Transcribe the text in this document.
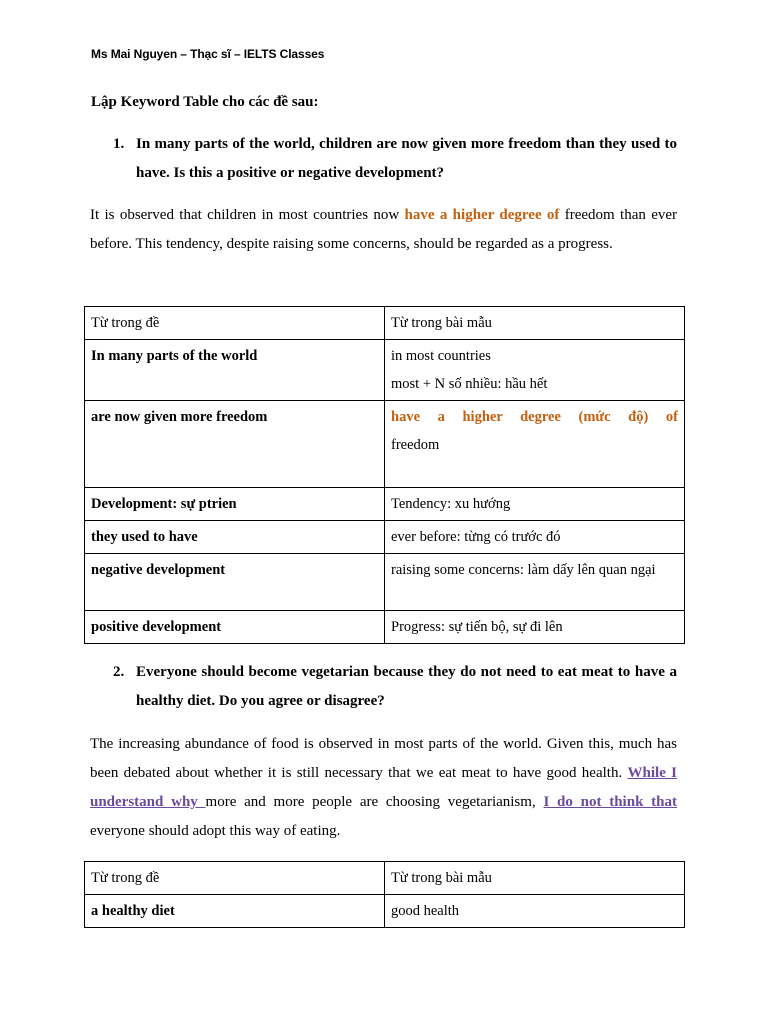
Ms Mai Nguyen – Thạc sĩ – IELTS Classes
Lập Keyword Table cho các đề sau:
1. In many parts of the world, children are now given more freedom than they used to have. Is this a positive or negative development?
It is observed that children in most countries now have a higher degree of freedom than ever before. This tendency, despite raising some concerns, should be regarded as a progress.
Từ trong đề	Từ trong bài mẫu
In many parts of the world	in most countries
most + N số nhiều: hầu hết

are now given more freedom	have a higher degree (mức độ) of
freedom
Development: sự ptrien	Tendency: xu hướng
they used to have	ever before: từng có trước đó
negative development	raising some concerns: làm dấy lên quan ngại
positive development	Progress: sự tiến bộ, sự đi lên
2. Everyone should become vegetarian because they do not need to eat meat to have a healthy diet. Do you agree or disagree?
The increasing abundance of food is observed in most parts of the world. Given this, much has been debated about whether it is still necessary that we eat meat to have good health. While I understand why more and more people are choosing vegetarianism, I do not think that everyone should adopt this way of eating.
Từ trong đề	Từ trong bài mẫu
a healthy diet	good health
